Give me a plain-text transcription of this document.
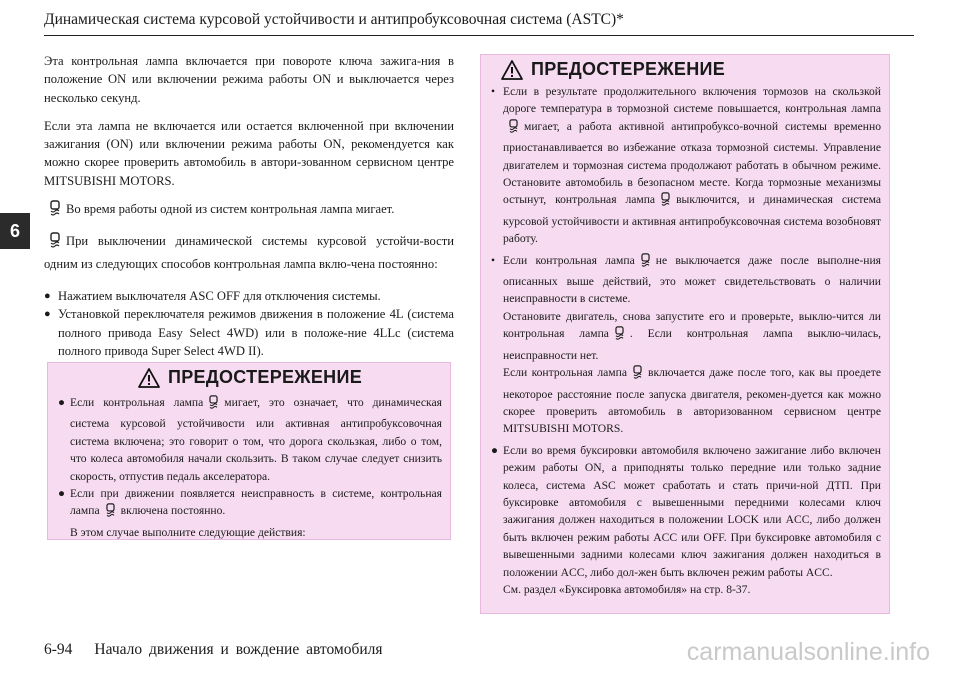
Динамическая система курсовой устойчивости и антипробуксовочная система (ASTC)*
6

Эта контрольная лампа включается при повороте ключа зажига-ния в положение ON или включении режима работы ON и выключается через несколько секунд.

Если эта лампа не включается или остается включенной при включении зажигания (ON) или включении режима работы ON, рекомендуется как можно скорее проверить автомобиль в автори-зованном сервисном центре MITSUBISHI MOTORS.

Во время работы одной из систем контрольная лампа мигает.

При выключении динамической системы курсовой устойчи-вости одним из следующих способов контрольная лампа вклю-чена постоянно:

● Нажатием выключателя ASC OFF для отключения системы.
● Установкой переключателя режимов движения в положение 4L (система полного привода Easy Select 4WD) или в положе-ние 4LLc (система полного привода Super Select 4WD II).
ПРЕДОСТЕРЕЖЕНИЕ
● Если контрольная лампа мигает, это означает, что динамическая система курсовой устойчивости или активная антипробуксовочная система включена; это говорит о том, что дорога скользкая, либо о том, что колеса автомобиля начали скользить. В таком случае следует снизить скорость, отпустив педаль акселератора.
● Если при движении появляется неисправность в системе, контрольная лампа включена постоянно.
В этом случае выполните следующие действия:
ПРЕДОСТЕРЕЖЕНИЕ
• Если в результате продолжительного включения тормозов на скользкой дороге температура в тормозной системе повышается, контрольная лампамигает, а работа активной антипробуксо-вочной системы временно приостанавливается во избежание отказа тормозной системы. Управление двигателем и тормозная система продолжают работать в обычном режиме. Остановите автомобиль в безопасном месте. Когда тормозные механизмы остынут, контрольная лампа выключится, и динамическая система курсовой устойчивости и активная антипробуксовочная система возобновят работу.
• Если контрольная лампа не выключается даже после выполне-ния описанных выше действий, это может свидетельствовать о наличии неисправности в системе.
Остановите двигатель, снова запустите его и проверьте, выклю-чится ли контрольная лампа . Если контрольная лампа выклю-чилась, неисправности нет.
Если контрольная лампа включается даже после того, как вы проедете некоторое расстояние после запуска двигателя, рекомен-дуется как можно скорее проверить автомобиль в авторизованном сервисном центре MITSUBISHI MOTORS.
● Если во время буксировки автомобиля включено зажигание либо включен режим работы ON, а приподняты только передние или только задние колеса, система ASC может сработать и стать причи-ной ДТП. При буксировке автомобиля с вывешенными передними колесами ключ зажигания должен находиться в положении LOCK или ACC, либо должен быть включен режим работы ACC или OFF. При буксировке автомобиля с вывешенными задними колесами ключ зажигания должен находиться в положении ACC, либо дол-жен быть включен режим работы ACC.
См. раздел «Буксировка автомобиля» на стр. 8-37.
6-94 Начало движения и вождение автомобиля	carmanualsonline.info
